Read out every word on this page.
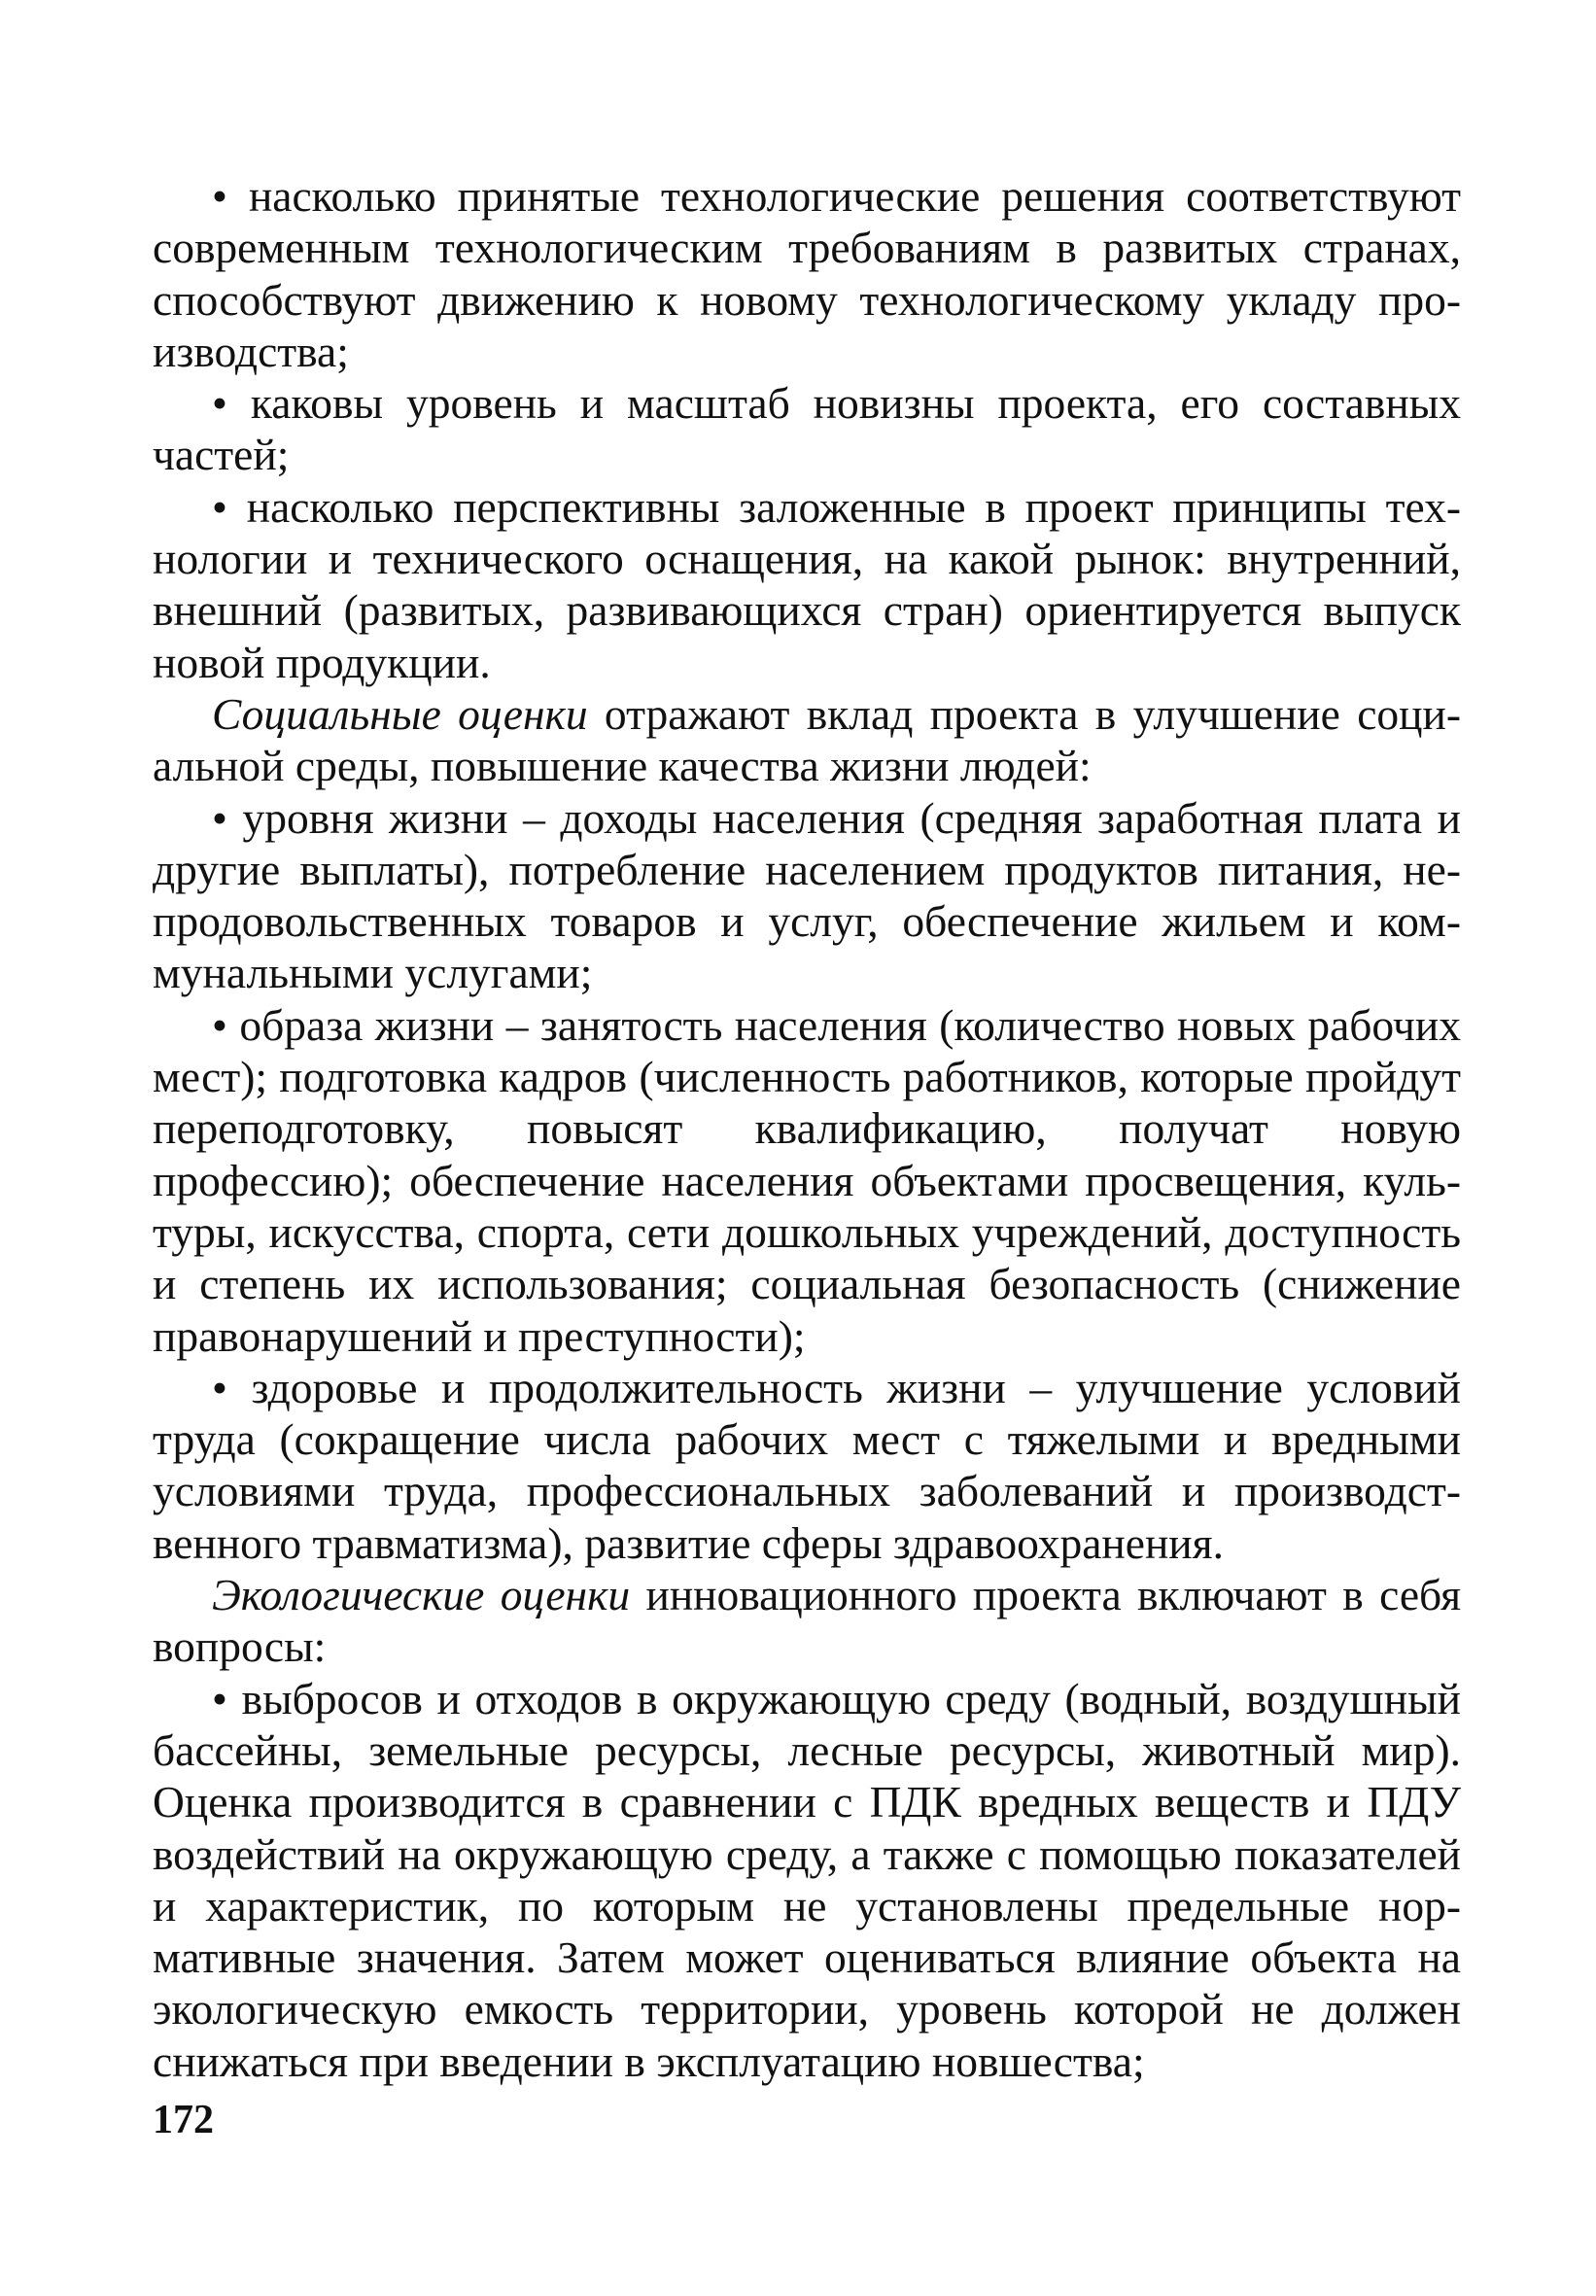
• насколько принятые технологические решения соответствуют современным технологическим требованиям в развитых странах, способствуют движению к новому технологическому укладу производства;

• каковы уровень и масштаб новизны проекта, его составных частей;

• насколько перспективны заложенные в проект принципы технологии и технического оснащения, на какой рынок: внутренний, внешний (развитых, развивающихся стран) ориентируется выпуск новой продукции.

Социальные оценки отражают вклад проекта в улучшение социальной среды, повышение качества жизни людей:

• уровня жизни – доходы населения (средняя заработная плата и другие выплаты), потребление населением продуктов питания, непродовольственных товаров и услуг, обеспечение жильем и коммунальными услугами;

• образа жизни – занятость населения (количество новых рабочих мест); подготовка кадров (численность работников, которые пройдут переподготовку, повысят квалификацию, получат новую профессию); обеспечение населения объектами просвещения, культуры, искусства, спорта, сети дошкольных учреждений, доступность и степень их использования; социальная безопасность (снижение правонарушений и преступности);

• здоровье и продолжительность жизни – улучшение условий труда (сокращение числа рабочих мест с тяжелыми и вредными условиями труда, профессиональных заболеваний и производственного травматизма), развитие сферы здравоохранения.

Экологические оценки инновационного проекта включают в себя вопросы:

• выбросов и отходов в окружающую среду (водный, воздушный бассейны, земельные ресурсы, лесные ресурсы, животный мир). Оценка производится в сравнении с ПДК вредных веществ и ПДУ воздействий на окружающую среду, а также с помощью показателей и характеристик, по которым не установлены предельные нормативные значения. Затем может оцениваться влияние объекта на экологическую емкость территории, уровень которой не должен снижаться при введении в эксплуатацию новшества;

172
